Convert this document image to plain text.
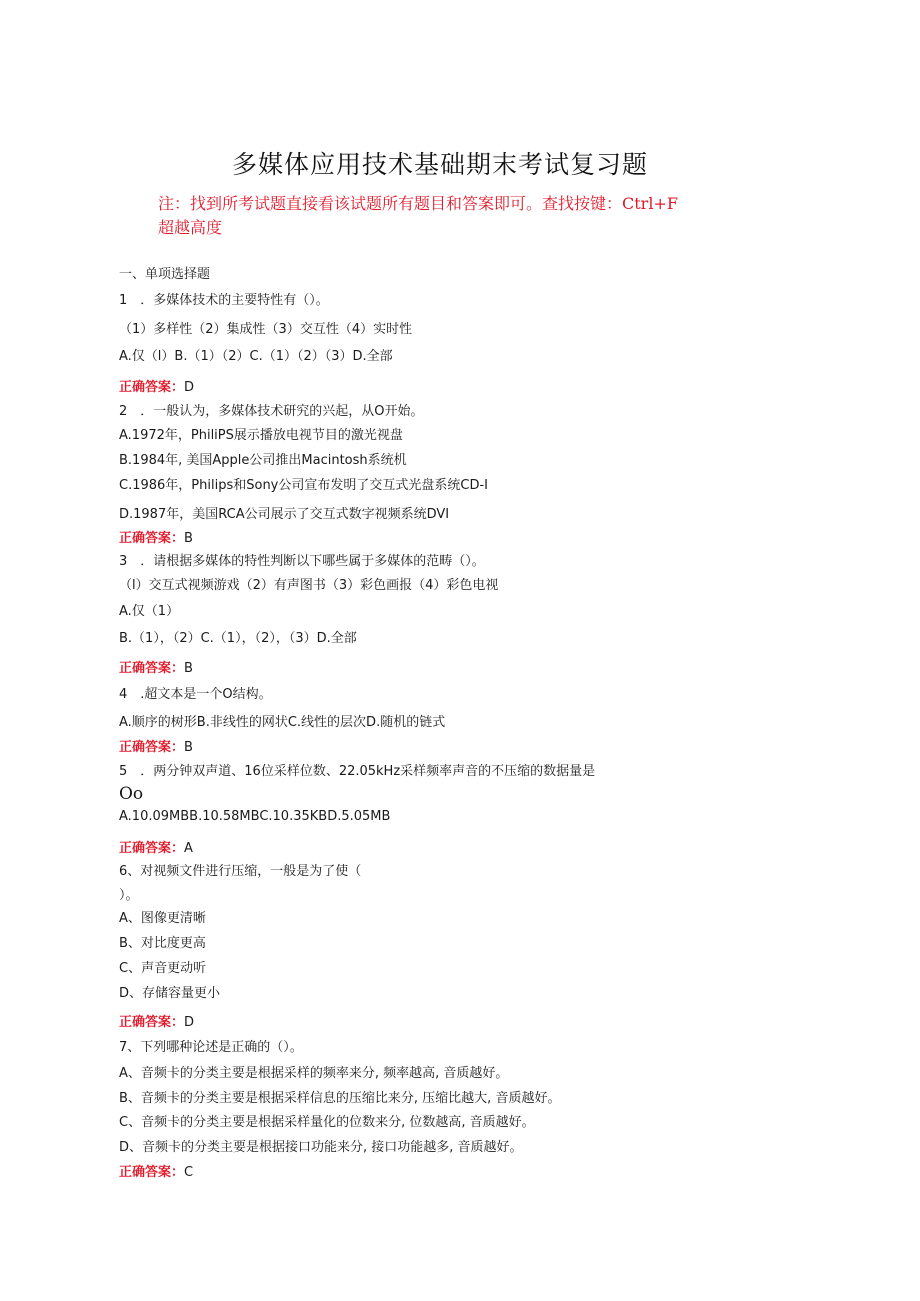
多媒体应用技术基础期末考试复习题
注：找到所考试题直接看该试题所有题目和答案即可。查找按键：Ctrl+F
超越高度
一、单项选择题
1　．多媒体技术的主要特性有（）。
（1）多样性（2）集成性（3）交互性（4）实时性
A.仅（l）B.（1）（2）C.（1）（2）（3）D.全部
正确答案：D
2　．一般认为，多媒体技术研究的兴起，从O开始。
A.1972年，PhiliPS展示播放电视节目的激光视盘
B.1984年, 美国Apple公司推出Macintosh系统机
C.1986年，Philips和Sony公司宣布发明了交互式光盘系统CD-I
D.1987年，美国RCA公司展示了交互式数字视频系统DVI
正确答案：B
3　．请根据多媒体的特性判断以下哪些属于多媒体的范畴（）。
（l）交互式视频游戏（2）有声图书（3）彩色画报（4）彩色电视
A.仅（1）
B.（1），（2）C.（1），（2），（3）D.全部
正确答案：B
4　.超文本是一个O结构。
A.顺序的树形B.非线性的网状C.线性的层次D.随机的链式
正确答案：B
5　．两分钟双声道、16位采样位数、22.05kHz采样频率声音的不压缩的数据量是
Oo
A.10.09MBB.10.58MBC.10.35KBD.5.05MB
正确答案：A
6、对视频文件进行压缩，一般是为了使（
）。
A、图像更清晰
B、对比度更高
C、声音更动听
D、存储容量更小
正确答案：D
7、下列哪种论述是正确的（）。
A、音频卡的分类主要是根据采样的频率来分, 频率越高, 音质越好。
B、音频卡的分类主要是根据采样信息的压缩比来分, 压缩比越大, 音质越好。
C、音频卡的分类主要是根据采样量化的位数来分, 位数越高, 音质越好。
D、音频卡的分类主要是根据接口功能来分, 接口功能越多, 音质越好。
正确答案：C
